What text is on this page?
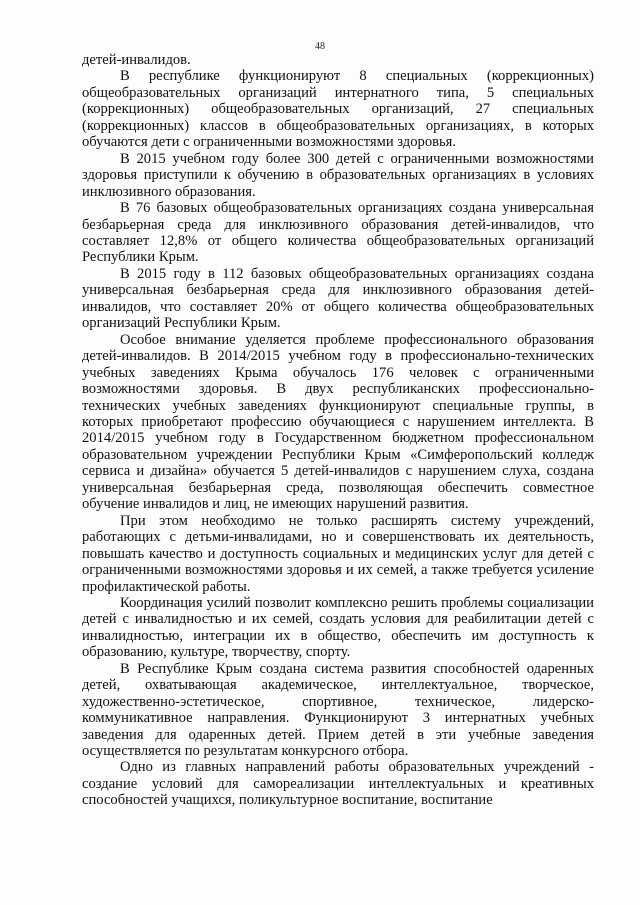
48

детей-инвалидов.

В республике функционируют 8 специальных (коррекционных) общеобразовательных организаций интернатного типа, 5 специальных (коррекционных) общеобразовательных организаций, 27 специальных (коррекционных) классов в общеобразовательных организациях, в которых обучаются дети с ограниченными возможностями здоровья.

В 2015 учебном году более 300 детей с ограниченными возможностями здоровья приступили к обучению в образовательных организациях в условиях инклюзивного образования.

В 76 базовых общеобразовательных организациях создана универсальная безбарьерная среда для инклюзивного образования детей-инвалидов, что составляет 12,8% от общего количества общеобразовательных организаций Республики Крым.

В 2015 году в 112 базовых общеобразовательных организациях создана универсальная безбарьерная среда для инклюзивного образования детей-инвалидов, что составляет 20% от общего количества общеобразовательных организаций Республики Крым.

Особое внимание уделяется проблеме профессионального образования детей-инвалидов. В 2014/2015 учебном году в профессионально-технических учебных заведениях Крыма обучалось 176 человек с ограниченными возможностями здоровья. В двух республиканских профессионально-технических учебных заведениях функционируют специальные группы, в которых приобретают профессию обучающиеся с нарушением интеллекта. В 2014/2015 учебном году в Государственном бюджетном профессиональном образовательном учреждении Республики Крым «Симферопольский колледж сервиса и дизайна» обучается 5 детей-инвалидов с нарушением слуха, создана универсальная безбарьерная среда, позволяющая обеспечить совместное обучение инвалидов и лиц, не имеющих нарушений развития.

При этом необходимо не только расширять систему учреждений, работающих с детьми-инвалидами, но и совершенствовать их деятельность, повышать качество и доступность социальных и медицинских услуг для детей с ограниченными возможностями здоровья и их семей, а также требуется усиление профилактической работы.

Координация усилий позволит комплексно решить проблемы социализации детей с инвалидностью и их семей, создать условия для реабилитации детей с инвалидностью, интеграции их в общество, обеспечить им доступность к образованию, культуре, творчеству, спорту.

В Республике Крым создана система развития способностей одаренных детей, охватывающая академическое, интеллектуальное, творческое, художественно-эстетическое, спортивное, техническое, лидерско-коммуникативное направления. Функционируют 3 интернатных учебных заведения для одаренных детей. Прием детей в эти учебные заведения осуществляется по результатам конкурсного отбора.

Одно из главных направлений работы образовательных учреждений - создание условий для самореализации интеллектуальных и креативных способностей учащихся, поликультурное воспитание, воспитание
